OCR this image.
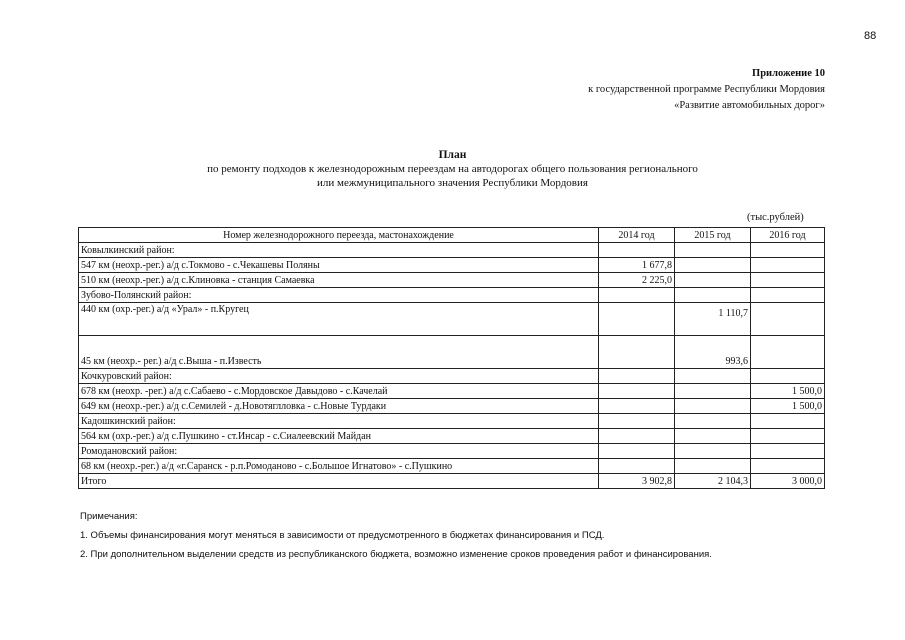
88
Приложение 10
к государственной программе Республики Мордовия
«Развитие автомобильных дорог»
План
по ремонту подходов к железнодорожным переездам на автодорогах общего пользования регионального
или межмуниципального значения Республики Мордовия
(тыс.рублей)
Номер железнодорожного переезда, мастонахождение	2014 год	2015 год	2016 год
Ковылкинский район:			
547 км (неохр.-рег.) а/д с.Токмово - с.Чекашевы Поляны	1 677,8		
510 км (неохр.-рег.) а/д с.Клиновка - станция Самаевка	2 225,0		
Зубово-Полянский район:			
440 км (охр.-рег.) а/д «Урал» - п.Кругец		1 110,7	
45 км (неохр.- рег.) а/д с.Выша - п.Известь		993,6	
Кочкуровский район:			
678 км (неохр. -рег.) а/д с.Сабаево - с.Мордовское Давыдово - с.Качелай			1 500,0
649 км (неохр.-рег.) а/д с.Семилей - д.Новотяглловка - с.Новые Турдаки			1 500,0
Кадошкинский район:			
564 км (охр.-рег.) а/д с.Пушкино - ст.Инсар - с.Сиалеевский Майдан			
Ромодановский район:			
68 км (неохр.-рег.) а/д «г.Саранск - р.п.Ромоданово - с.Большое Игнатово» - с.Пушкино			
Итого	3 902,8	2 104,3	3 000,0
Примечания:
1. Объемы финансирования могут меняться в зависимости от предусмотренного в бюджетах финансирования и ПСД.
2. При дополнительном выделении средств из республиканского бюджета, возможно изменение сроков проведения работ и финансирования.
